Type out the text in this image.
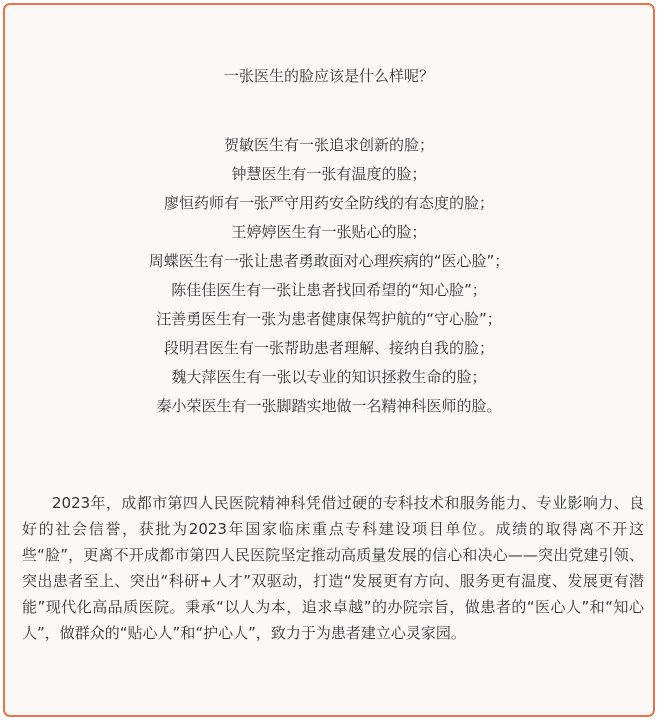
一张医生的脸应该是什么样呢？
贺敏医生有一张追求创新的脸；
钟慧医生有一张有温度的脸；
廖恒药师有一张严守用药安全防线的有态度的脸；
王婷婷医生有一张贴心的脸；
周蝶医生有一张让患者勇敢面对心理疾病的“医心脸”；
陈佳佳医生有一张让患者找回希望的“知心脸”；
汪善勇医生有一张为患者健康保驾护航的“守心脸”；
段明君医生有一张帮助患者理解、接纳自我的脸；
魏大萍医生有一张以专业的知识拯救生命的脸；
秦小荣医生有一张脚踏实地做一名精神科医师的脸。

2023年，成都市第四人民医院精神科凭借过硬的专科技术和服务能力、专业影响力、良好的社会信誉，获批为2023年国家临床重点专科建设项目单位。成绩的取得离不开这些“脸”，更离不开成都市第四人民医院坚定推动高质量发展的信心和决心——突出党建引领、突出患者至上、突出“科研+人才”双驱动，打造“发展更有方向、服务更有温度、发展更有潜能”现代化高品质医院。秉承“以人为本，追求卓越”的办院宗旨，做患者的“医心人”和“知心人”，做群众的“贴心人”和“护心人”，致力于为患者建立心灵家园。
